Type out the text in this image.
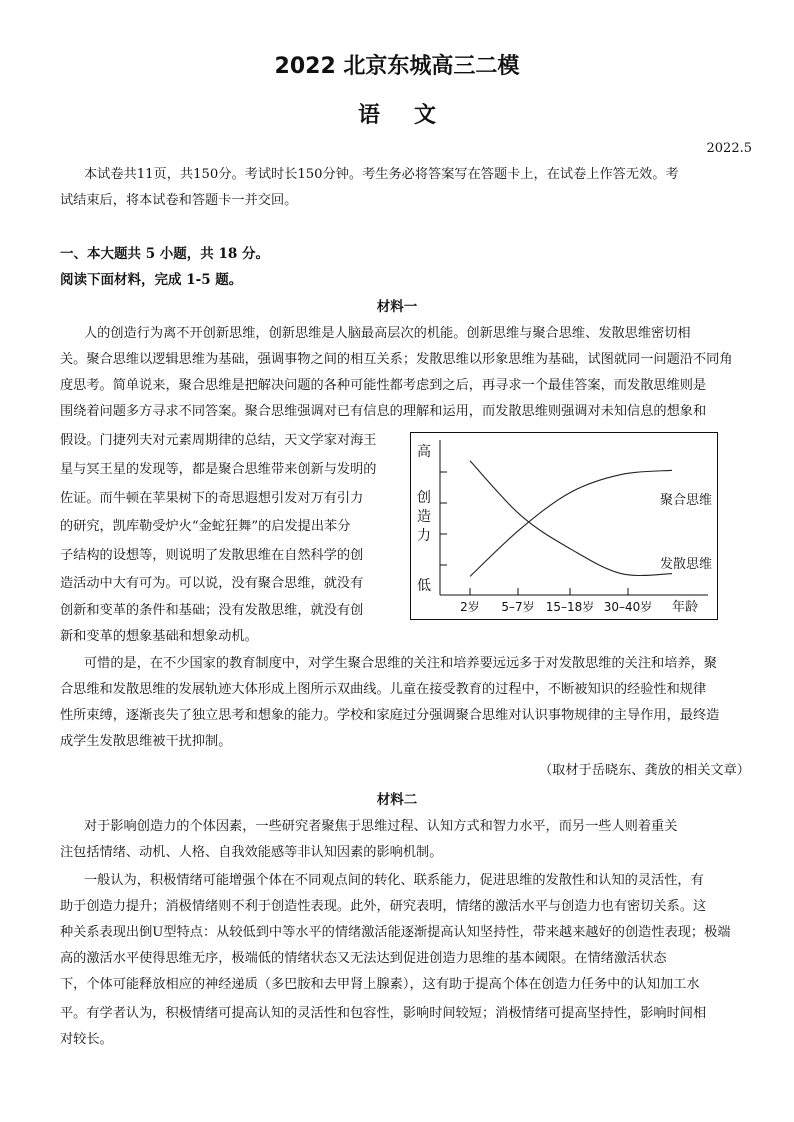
2022 北京东城高三二模
语文
2022.5
本试卷共11页，共150分。考试时长150分钟。考生务必将答案写在答题卡上，在试卷上作答无效。考
试结束后，将本试卷和答题卡一并交回。
一、本大题共 5 小题，共 18 分。
阅读下面材料，完成 1-5 题。
材料一
人的创造行为离不开创新思维，创新思维是人脑最高层次的机能。创新思维与聚合思维、发散思维密切相
关。聚合思维以逻辑思维为基础，强调事物之间的相互关系；发散思维以形象思维为基础，试图就同一问题沿不同角
度思考。简单说来，聚合思维是把解决问题的各种可能性都考虑到之后，再寻求一个最佳答案，而发散思维则是
围绕着问题多方寻求不同答案。聚合思维强调对已有信息的理解和运用，而发散思维则强调对未知信息的想象和
假设。门捷列夫对元素周期律的总结，天文学家对海王
星与冥王星的发现等，都是聚合思维带来创新与发明的
佐证。而牛顿在苹果树下的奇思遐想引发对万有引力
的研究，凯库勒受炉火“金蛇狂舞”的启发提出苯分
子结构的设想等，则说明了发散思维在自然科学的创
造活动中大有可为。可以说，没有聚合思维，就没有
创新和变革的条件和基础；没有发散思维，就没有创
新和变革的想象基础和想象动机。
高
低
创
造
力
2岁 5–7岁 15–18岁 30–40岁
聚合思维
发散思维
年龄
可惜的是，在不少国家的教育制度中，对学生聚合思维的关注和培养要远远多于对发散思维的关注和培养，聚
合思维和发散思维的发展轨迹大体形成上图所示双曲线。儿童在接受教育的过程中，不断被知识的经验性和规律
性所束缚，逐渐丧失了独立思考和想象的能力。学校和家庭过分强调聚合思维对认识事物规律的主导作用，最终造
成学生发散思维被干扰抑制。
（取材于岳晓东、龚放的相关文章）
材料二
对于影响创造力的个体因素，一些研究者聚焦于思维过程、认知方式和智力水平，而另一些人则着重关
注包括情绪、动机、人格、自我效能感等非认知因素的影响机制。
一般认为，积极情绪可能增强个体在不同观点间的转化、联系能力，促进思维的发散性和认知的灵活性，有
助于创造力提升；消极情绪则不利于创造性表现。此外，研究表明，情绪的激活水平与创造力也有密切关系。这
种关系表现出倒U型特点：从较低到中等水平的情绪激活能逐渐提高认知坚持性，带来越来越好的创造性表现；极端
高的激活水平使得思维无序，极端低的情绪状态又无法达到促进创造力思维的基本阈限。在情绪激活状态
下，个体可能释放相应的神经递质（多巴胺和去甲肾上腺素），这有助于提高个体在创造力任务中的认知加工水
平。有学者认为，积极情绪可提高认知的灵活性和包容性，影响时间较短；消极情绪可提高坚持性，影响时间相
对较长。
